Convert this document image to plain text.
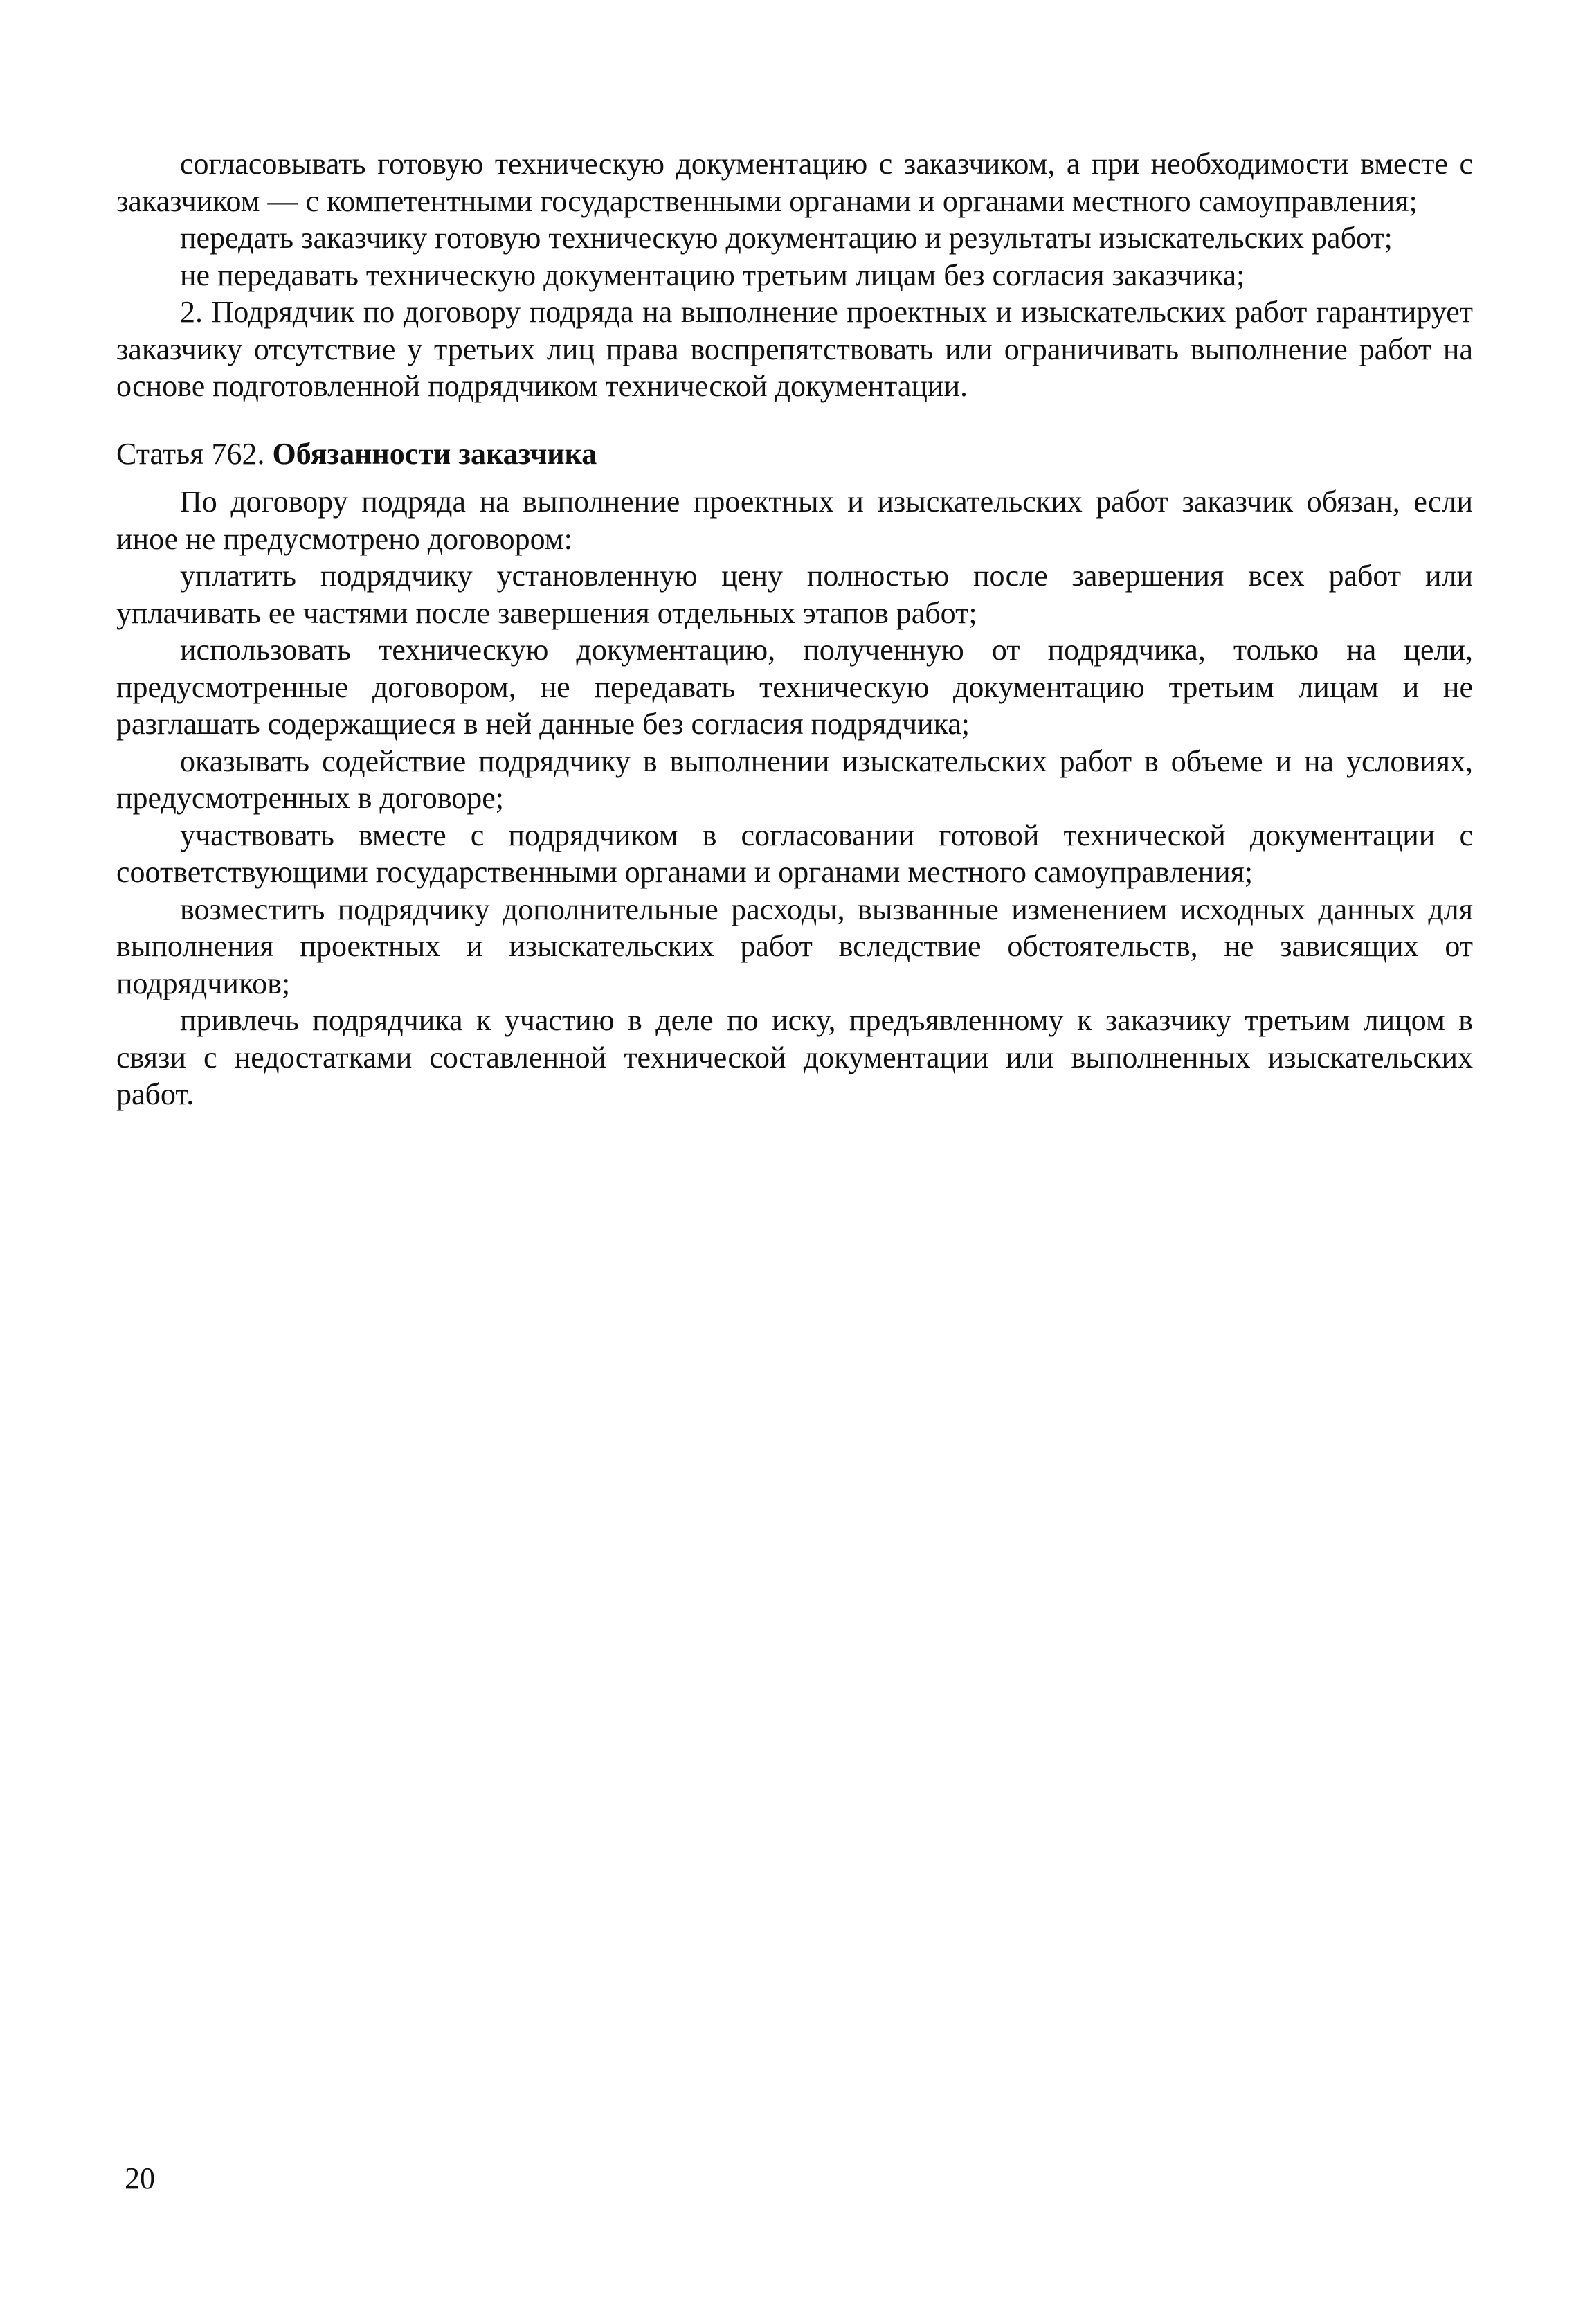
согласовывать готовую техническую документацию с заказчиком, а при необходимости вместе с заказчиком — с компетентными государственными органами и органами местного самоуправления;

передать заказчику готовую техническую документацию и результаты изыскательских работ;

не передавать техническую документацию третьим лицам без согласия заказчика;

2. Подрядчик по договору подряда на выполнение проектных и изыскательских работ гарантирует заказчику отсутствие у третьих лиц права воспрепятствовать или ограничивать выполнение работ на основе подготовленной подрядчиком технической документации.

Статья 762. Обязанности заказчика

По договору подряда на выполнение проектных и изыскательских работ заказчик обязан, если иное не предусмотрено договором:

уплатить подрядчику установленную цену полностью после завершения всех работ или уплачивать ее частями после завершения отдельных этапов работ;

использовать техническую документацию, полученную от подрядчика, только на цели, предусмотренные договором, не передавать техническую документацию третьим лицам и не разглашать содержащиеся в ней данные без согласия подрядчика;

оказывать содействие подрядчику в выполнении изыскательских работ в объеме и на условиях, предусмотренных в договоре;

участвовать вместе с подрядчиком в согласовании готовой технической документации с соответствующими государственными органами и органами местного самоуправления;

возместить подрядчику дополнительные расходы, вызванные изменением исходных данных для выполнения проектных и изыскательских работ вследствие обстоятельств, не зависящих от подрядчиков;

привлечь подрядчика к участию в деле по иску, предъявленному к заказчику третьим лицом в связи с недостатками составленной технической документации или выполненных изыскательских работ.

20
